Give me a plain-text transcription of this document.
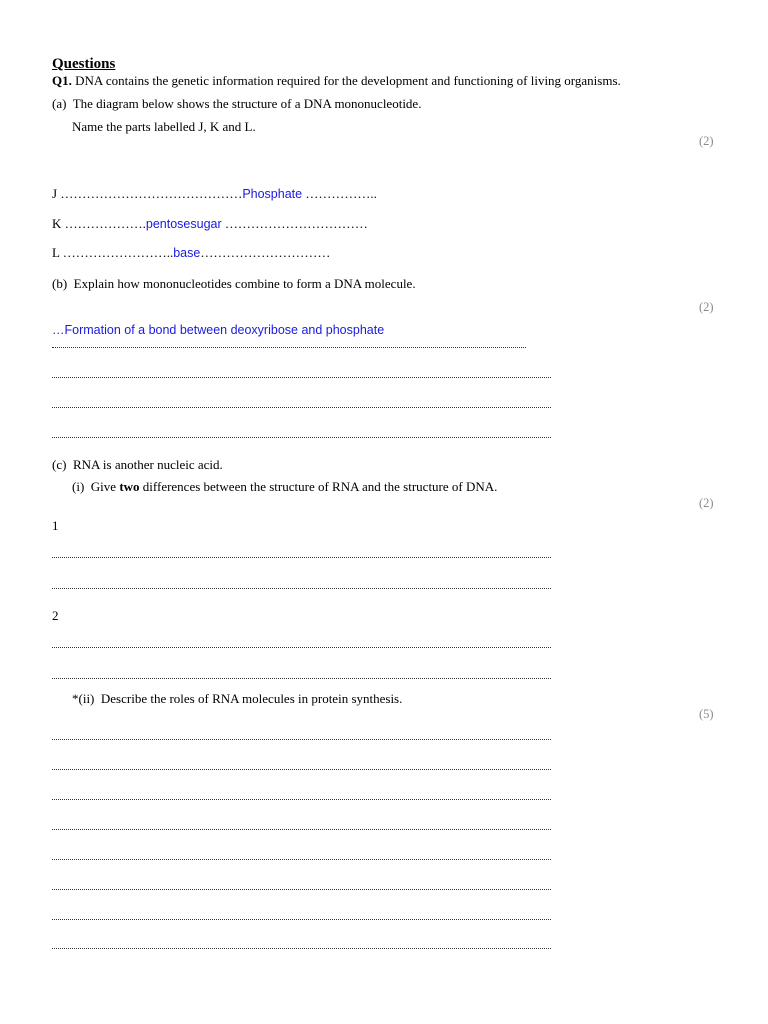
Questions
Q1. DNA contains the genetic information required for the development and functioning of living organisms.
(a) The diagram below shows the structure of a DNA mononucleotide.
Name the parts labelled J, K and L.
(2)
J ……………………………………Phosphate ……………..
K ……………….pentosesugar ……………………………
L ……………………..base…………………………
(b) Explain how mononucleotides combine to form a DNA molecule.
(2)
…Formation of a bond between deoxyribose and phosphate
(c) RNA is another nucleic acid.
(i) Give two differences between the structure of RNA and the structure of DNA.
(2)
1
2
*(ii) Describe the roles of RNA molecules in protein synthesis.
(5)
